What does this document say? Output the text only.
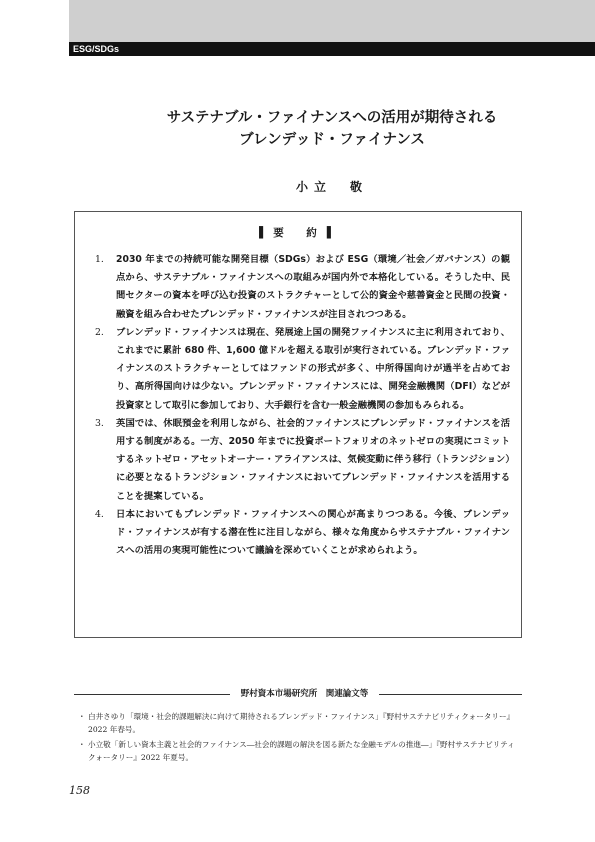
ESG/SDGs
サステナブル・ファイナンスへの活用が期待される
ブレンデッド・ファイナンス
小立　敬
▌要　約▐
1. 2030 年までの持続可能な開発目標（SDGs）および ESG（環境／社会／ガバナンス）の観点から、サステナブル・ファイナンスへの取組みが国内外で本格化している。そうした中、民間セクターの資本を呼び込む投資のストラクチャーとして公的資金や慈善資金と民間の投資・融資を組み合わせたブレンデッド・ファイナンスが注目されつつある。
2. ブレンデッド・ファイナンスは現在、発展途上国の開発ファイナンスに主に利用されており、これまでに累計 680 件、1,600 億ドルを超える取引が実行されている。ブレンデッド・ファイナンスのストラクチャーとしてはファンドの形式が多く、中所得国向けが過半を占めており、高所得国向けは少ない。ブレンデッド・ファイナンスには、開発金融機関（DFI）などが投資家として取引に参加しており、大手銀行を含む一般金融機関の参加もみられる。
3. 英国では、休眠預金を利用しながら、社会的ファイナンスにブレンデッド・ファイナンスを活用する制度がある。一方、2050 年までに投資ポートフォリオのネットゼロの実現にコミットするネットゼロ・アセットオーナー・アライアンスは、気候変動に伴う移行（トランジション）に必要となるトランジション・ファイナンスにおいてブレンデッド・ファイナンスを活用することを提案している。
4. 日本においてもブレンデッド・ファイナンスへの関心が高まりつつある。今後、ブレンデッド・ファイナンスが有する潜在性に注目しながら、様々な角度からサステナブル・ファイナンスへの活用の実現可能性について議論を深めていくことが求められよう。
野村資本市場研究所　関連論文等
・ 白井さゆり「環境・社会的課題解決に向けて期待されるブレンデッド・ファイナンス」『野村サステナビリティクォータリー』2022 年春号。
・ 小立敬「新しい資本主義と社会的ファイナンス―社会的課題の解決を図る新たな金融モデルの推進―」『野村サステナビリティクォータリー』2022 年夏号。
158
